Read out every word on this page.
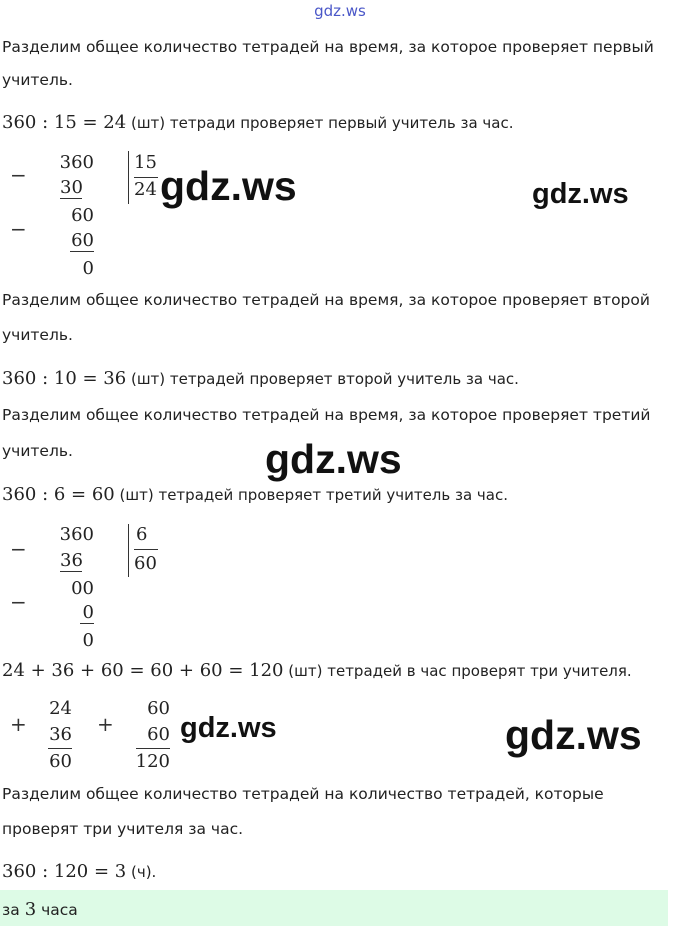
gdz.ws
Разделим общее количество тетрадей на время, за которое проверяет первый
учитель.
360 : 15 = 24 (шт) тетради проверяет первый учитель за час.
−
−
360
30
60
60
0
15
24 gdz.ws	gdz.ws
Разделим общее количество тетрадей на время, за которое проверяет второй
учитель.
360 : 10 = 36 (шт) тетрадей проверяет второй учитель за час.
Разделим общее количество тетрадей на время, за которое проверяет третий
учитель.	gdz.ws
360 : 6 = 60 (шт) тетрадей проверяет третий учитель за час.
−
−
360
36
00
0
0
6
60
24 + 36 + 60 = 60 + 60 = 120 (шт) тетрадей в час проверят три учителя.
+
24
36
60
+
60
60
120
gdz.ws	gdz.ws
Разделим общее количество тетрадей на количество тетрадей, которые
проверят три учителя за час.
360 : 120 = 3 (ч).
за 3 часа
